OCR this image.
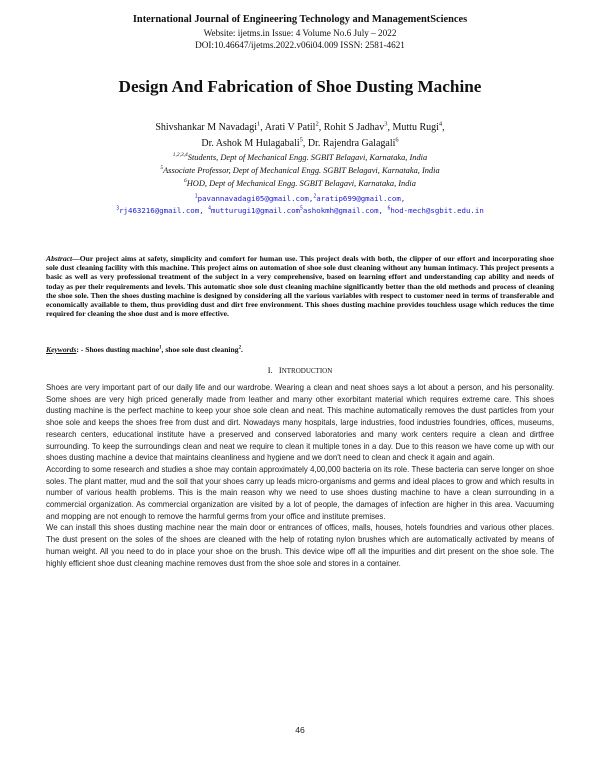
International Journal of Engineering Technology and ManagementSciences
Website: ijetms.in Issue: 4 Volume No.6 July – 2022
DOI:10.46647/ijetms.2022.v06i04.009 ISSN: 2581-4621
Design And Fabrication of Shoe Dusting Machine
Shivshankar M Navadagi$^1$, Arati V Patil$^2$, Rohit S Jadhav$^3$, Muttu Rugi$^4$,
Dr. Ashok M Hulagabali$^5$, Dr. Rajendra Galagali$^6$
$^{1,2,3,4}$Students, Dept of Mechanical Engg. SGBIT Belagavi, Karnataka, India
$^5$Associate Professor, Dept of Mechanical Engg. SGBIT Belagavi, Karnataka, India
$^6$HOD, Dept of Mechanical Engg. SGBIT Belagavi, Karnataka, India
$^1$pavannavadagi05@gmail.com,$^2$aratip699@gmail.com,
$^3$rj463216@gmail.com, $^4$mutturugi1@gmail.com$^5$ashokmh@gmail.com, $^6$hod-mech@sgbit.edu.in
Abstract—Our project aims at safety, simplicity and comfort for human use. This project deals with both, the clipper of our effort and incorporating shoe sole dust cleaning facility with this machine. This project aims on automation of shoe sole dust cleaning without any human intimacy. This project presents a basic as well as very professional treatment of the subject in a very comprehensive, based on learning effort and understanding cap ability and needs of today as per their requirements and levels. This automatic shoe sole dust cleaning machine significantly better than the old methods and process of cleaning the shoe sole. Then the shoes dusting machine is designed by considering all the various variables with respect to customer need in terms of transferable and economically available to them, thus providing dust and dirt free environment. This shoes dusting machine provides touchless usage which reduces the time required for cleaning the shoe dust and is more effective.
Keywords: - Shoes dusting machine$^1$, shoe sole dust cleaning$^2$.
I. INTRODUCTION

Shoes are very important part of our daily life and our wardrobe. Wearing a clean and neat shoes says a lot about a person, and his personality. Some shoes are very high priced generally made from leather and many other exorbitant material which requires extreme care. This shoes dusting machine is the perfect machine to keep your shoe sole clean and neat. This machine automatically removes the dust particles from your shoe sole and keeps the shoes free from dust and dirt. Nowadays many hospitals, large industries, food industries foundries, offices, museums, research centers, educational institute have a preserved and conserved laboratories and many work centers require a clean and dirtfree surrounding. To keep the surroundings clean and neat we require to clean it multiple tones in a day. Due to this reason we have come up with our shoes dusting machine a device that maintains cleanliness and hygiene and we don't need to clean and check it again and again.

According to some research and studies a shoe may contain approximately 4,00,000 bacteria on its role. These bacteria can serve longer on shoe soles. The plant matter, mud and the soil that your shoes carry up leads micro-organisms and germs and ideal places to grow and which results in number of various health problems. This is the main reason why we need to use shoes dusting machine to have a clean surrounding in a commercial organization. As commercial organization are visited by a lot of people, the damages of infection are higher in this area. Vacuuming and mopping are not enough to remove the harmful germs from your office and institute premises.

We can install this shoes dusting machine near the main door or entrances of offices, malls, houses, hotels foundries and various other places. The dust present on the soles of the shoes are cleaned with the help of rotating nylon brushes which are automatically activated by means of human weight. All you need to do in place your shoe on the brush. This device wipe off all the impurities and dirt present on the shoe sole. The highly efficient shoe dust cleaning machine removes dust from the shoe sole and stores in a container.

46
